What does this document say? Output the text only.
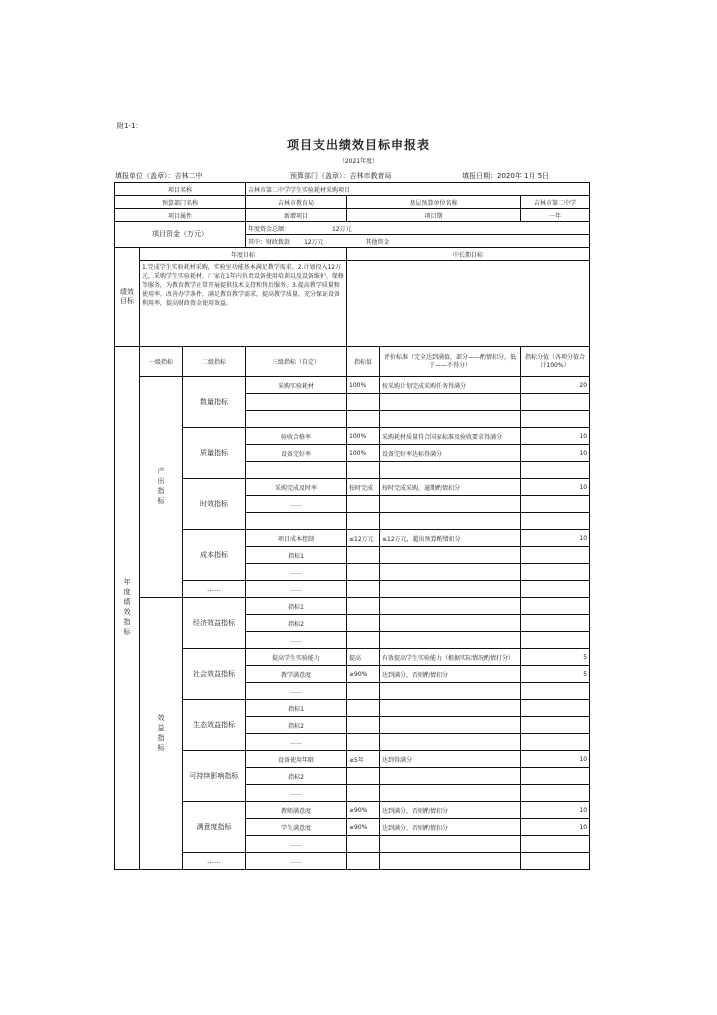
附1-1：
项目支出绩效目标申报表
（2021年度）
填报单位（盖章）：吉林二中	预算部门（盖章）：吉林市教育局	填报日期：2020年 1月 5日
项目名称			吉林市第二中学学生实验耗材采购项目			
预算部门名称			吉林市教育局	基层预算单位名称		吉林市第二中学
项目属性			新增项目	项目期		一年
项目资金（万元）			年度资金总额： 12万元			
			其中：财政拨款 12万元 其他资金			
绩效目标	年度目标			中长期目标		
	1.完成学生实验耗材采购，实验室功能基本满足教学需求。2.计划投入12万元，采购学生实验耗材，厂家在1年内负责设备使用培训以及设备维护、保修等服务，为教育教学正常开展提供技术支持和售后服务。3.提高教学质量和使用率，改善办学条件，满足教育教学需求，提高教学质量，充分保证设备利用率，提高财政资金使用效益。					
年度绩效指标	一级指标	二级指标	三级指标（自定）	指标值	评价标准（完全达到满值，部分——酌情扣分，低于——不得分）	指标分值（各项分值合计100%）
	产出指标	数量指标	采购实验耗材	100%	按采购计划完成采购任务得满分	20

		质量指标	验收合格率	100%	采购耗材质量符合国家标准及验收要求得满分	10
			设备完好率	100%	设备完好率达标得满分	10

		时效指标	采购完成及时率	按时完成	按时完成采购，逾期酌情扣分	10
			……			

		成本指标	项目成本控制	≤12万元	≤12万元，超出预算酌情扣分	10
			指标1			
			……			
		……	……			
	效益指标	经济效益指标	指标1			
			指标2			
			……			
		社会效益指标	提高学生实验能力	提高	有效提高学生实验能力（根据实际情况酌情打分）	5
			教学满意度	≥90%	达到满分，否则酌情扣分	5
			……			
		生态效益指标	指标1			
			指标2			
			……			
		可持续影响指标	设备使用年限	≥5年	达到得满分	10
			指标2			
			……			
		满意度指标	教师满意度	≥90%	达到满分，否则酌情扣分	10
			学生满意度	≥90%	达到满分，否则酌情扣分	10
			……			
		……	……			
